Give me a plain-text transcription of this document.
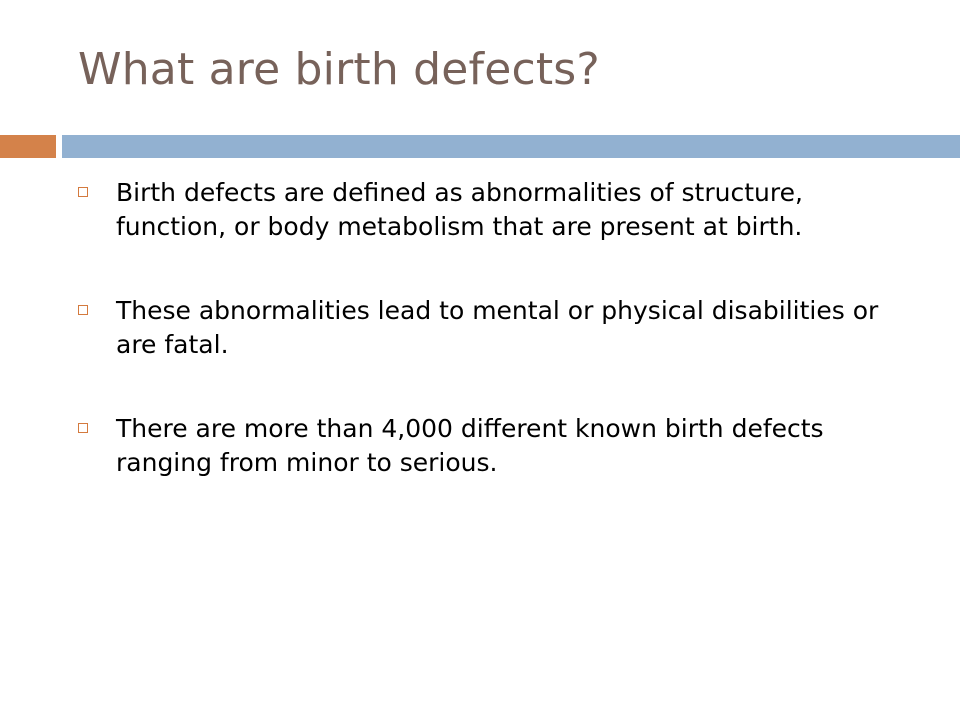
What are birth defects?
Birth defects are defined as abnormalities of structure, function, or body metabolism that are present at birth.
These abnormalities lead to mental or physical disabilities or are fatal.
There are more than 4,000 different known birth defects ranging from minor to serious.
